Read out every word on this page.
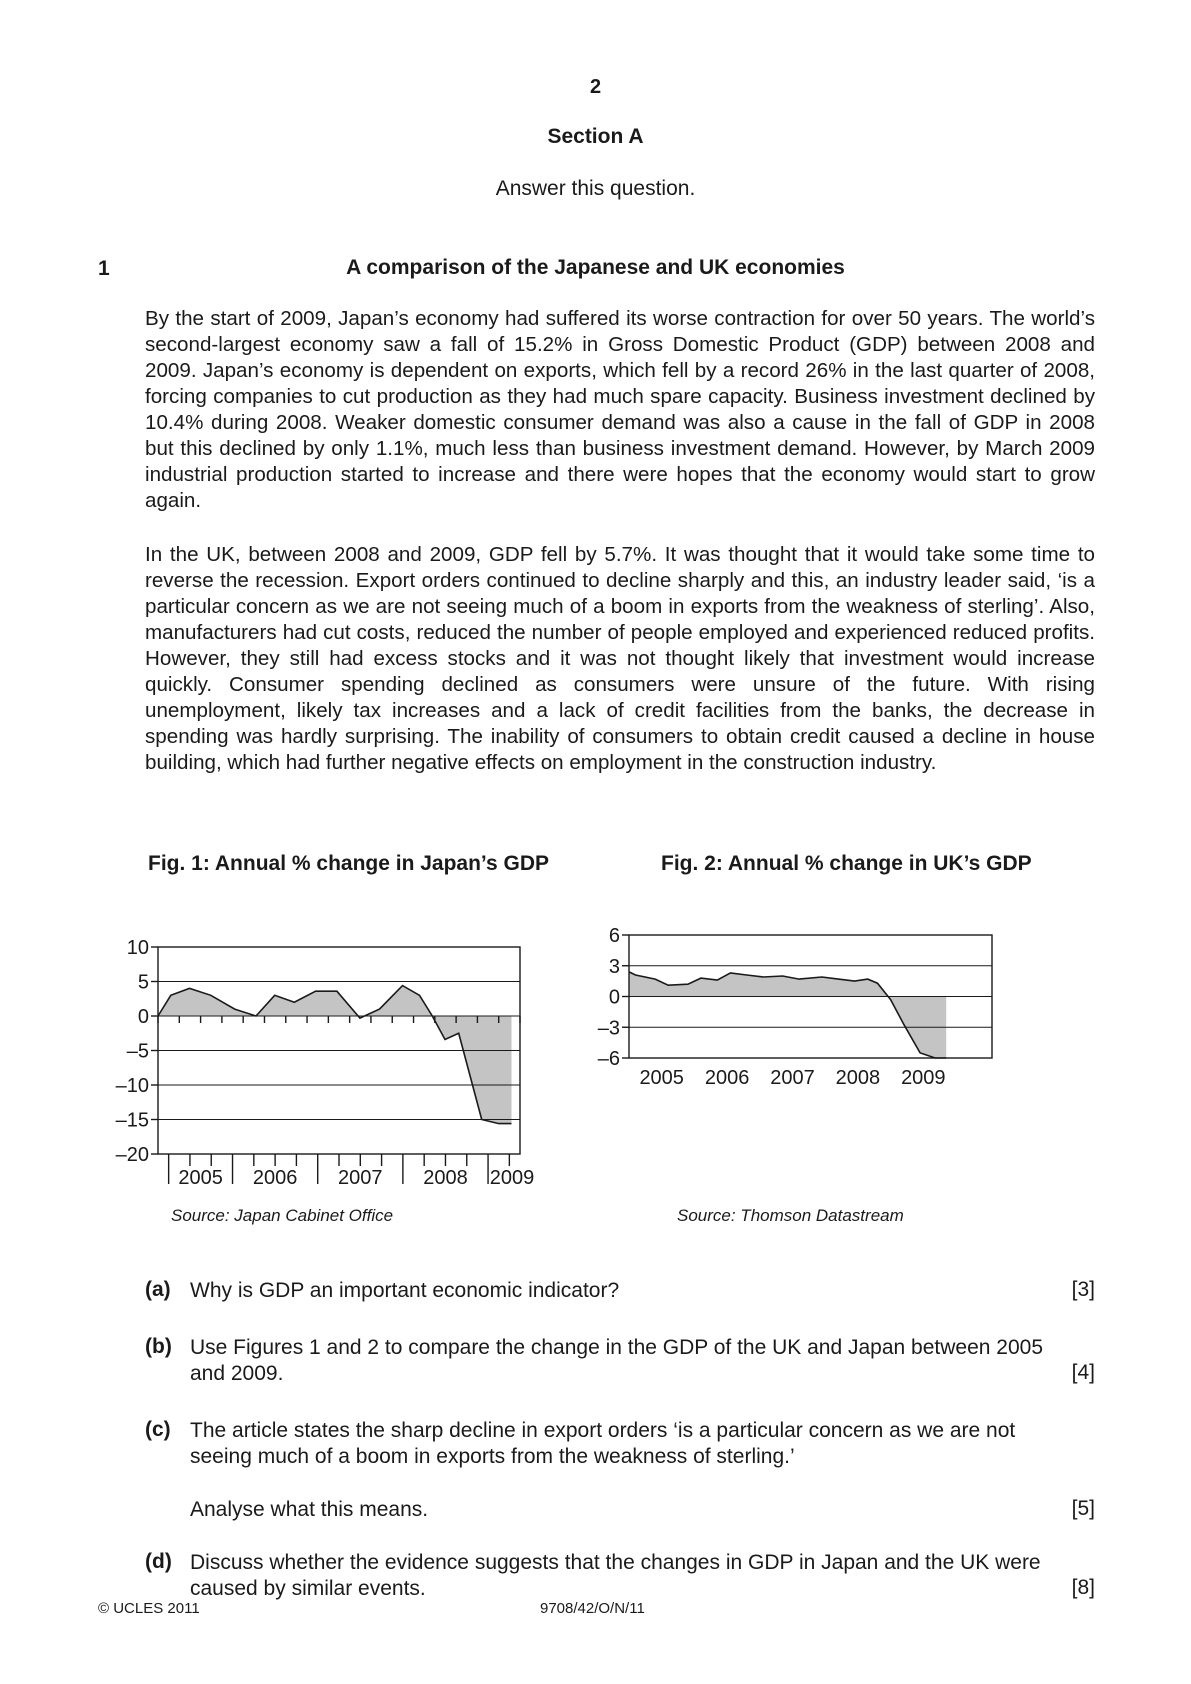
2
Section A
Answer this question.
1	A comparison of the Japanese and UK economies

By the start of 2009, Japan’s economy had suffered its worse contraction for over 50 years. The world’s second-largest economy saw a fall of 15.2% in Gross Domestic Product (GDP) between 2008 and 2009. Japan’s economy is dependent on exports, which fell by a record 26% in the last quarter of 2008, forcing companies to cut production as they had much spare capacity. Business investment declined by 10.4% during 2008. Weaker domestic consumer demand was also a cause in the fall of GDP in 2008 but this declined by only 1.1%, much less than business investment demand. However, by March 2009 industrial production started to increase and there were hopes that the economy would start to grow again.

In the UK, between 2008 and 2009, GDP fell by 5.7%. It was thought that it would take some time to reverse the recession. Export orders continued to decline sharply and this, an industry leader said, ‘is a particular concern as we are not seeing much of a boom in exports from the weakness of sterling’. Also, manufacturers had cut costs, reduced the number of people employed and experienced reduced profits. However, they still had excess stocks and it was not thought likely that investment would increase quickly. Consumer spending declined as consumers were unsure of the future. With rising unemployment, likely tax increases and a lack of credit facilities from the banks, the decrease in spending was hardly surprising. The inability of consumers to obtain credit caused a decline in house building, which had further negative effects on employment in the construction industry.

Fig. 1: Annual % change in Japan’s GDP	Fig. 2: Annual % change in UK’s GDP
10
5
0
–5
–10
–15
–20
2005 2006 2007 2008 2009
6
3
0
–3
–6
2005 2006 2007 2008 2009
Source: Japan Cabinet Office	Source: Thomson Datastream
(a) Why is GDP an important economic indicator?	[3]
(b) Use Figures 1 and 2 to compare the change in the GDP of the UK and Japan between 2005
and 2009.	[4]
(c) The article states the sharp decline in export orders ‘is a particular concern as we are not
seeing much of a boom in exports from the weakness of sterling.’
Analyse what this means.	[5]
(d) Discuss whether the evidence suggests that the changes in GDP in Japan and the UK were
caused by similar events.	[8]
© UCLES 2011	9708/42/O/N/11
